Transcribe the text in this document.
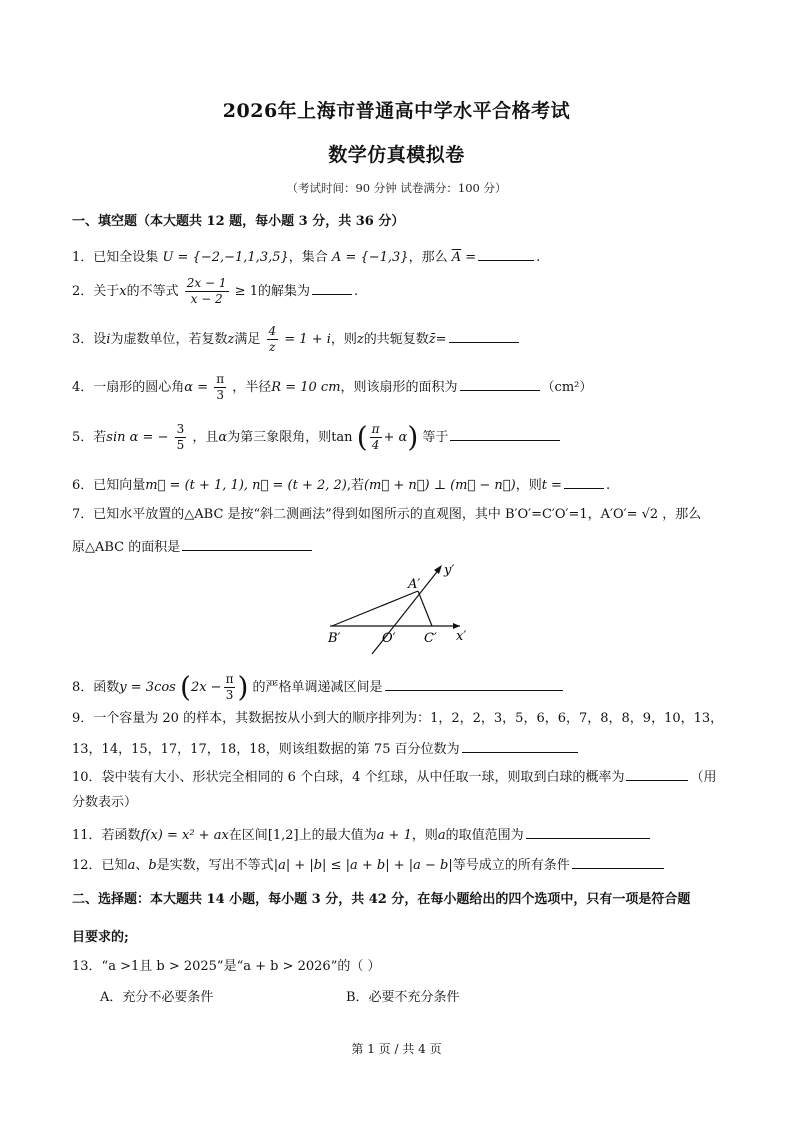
2026年上海市普通高中学水平合格考试
数学仿真模拟卷
（考试时间：90 分钟 试卷满分：100 分）
一、填空题（本大题共 12 题，每小题 3 分，共 36 分）
1．已知全设集 U = {−2,−1,1,3,5}，集合 A = {−1,3}，那么 $\overline{A}$ =	.
2．关于x的不等式 $\frac{2x - 1}{x - 2} \ge 1$的解集为	.
3．设i为虚数单位，若复数z满足 $\frac{4}{z} = 1 + i$，则z的共轭复数z̄=
4．一扇形的圆心角$\alpha = \frac{\pi}{3}$ ，半径R = 10 cm，则该扇形的面积为	（cm²）
5．若sin α = − $\frac{3}{5}$ ，且α为第三象限角，则tan ( $\frac{\pi}{4} + \alpha$) 等于
6．已知向量m⃗ = (t + 1, 1), n⃗ = (t + 2, 2),若(m⃗ + n⃗) ⊥ (m⃗ − n⃗)，则t =	.
7．已知水平放置的△ABC 是按“斜二测画法”得到如图所示的直观图，其中 B′O′=C′O′=1，A′O′= √2 ，那么
原△ABC 的面积是
A′
y′
B′	O′ C′ x′
8．函数y = 3cos ($2x - \frac{\pi}{3}$ ) 的严格单调递减区间是
9．一个容量为 20 的样本，其数据按从小到大的顺序排列为：1，2，2，3，5，6，6，7，8，8，9，10，13，
13，14，15，17，17，18，18，则该组数据的第 75 百分位数为
10．袋中装有大小、形状完全相同的 6 个白球，4 个红球，从中任取一球，则取到白球的概率为	（用
分数表示）
11．若函数f(x) = x² + ax在区间[1,2]上的最大值为a + 1，则a的取值范围为
12．已知a、b是实数，写出不等式|a| + |b| ≤ |a + b| + |a − b|等号成立的所有条件
二、选择题：本大题共 14 小题，每小题 3 分，共 42 分，在每小题给出的四个选项中，只有一项是符合题
目要求的;
13．“a >1且 b > 2025”是“a + b > 2026”的（ ）
A．充分不必要条件	B．必要不充分条件
第 1 页 / 共 4 页
